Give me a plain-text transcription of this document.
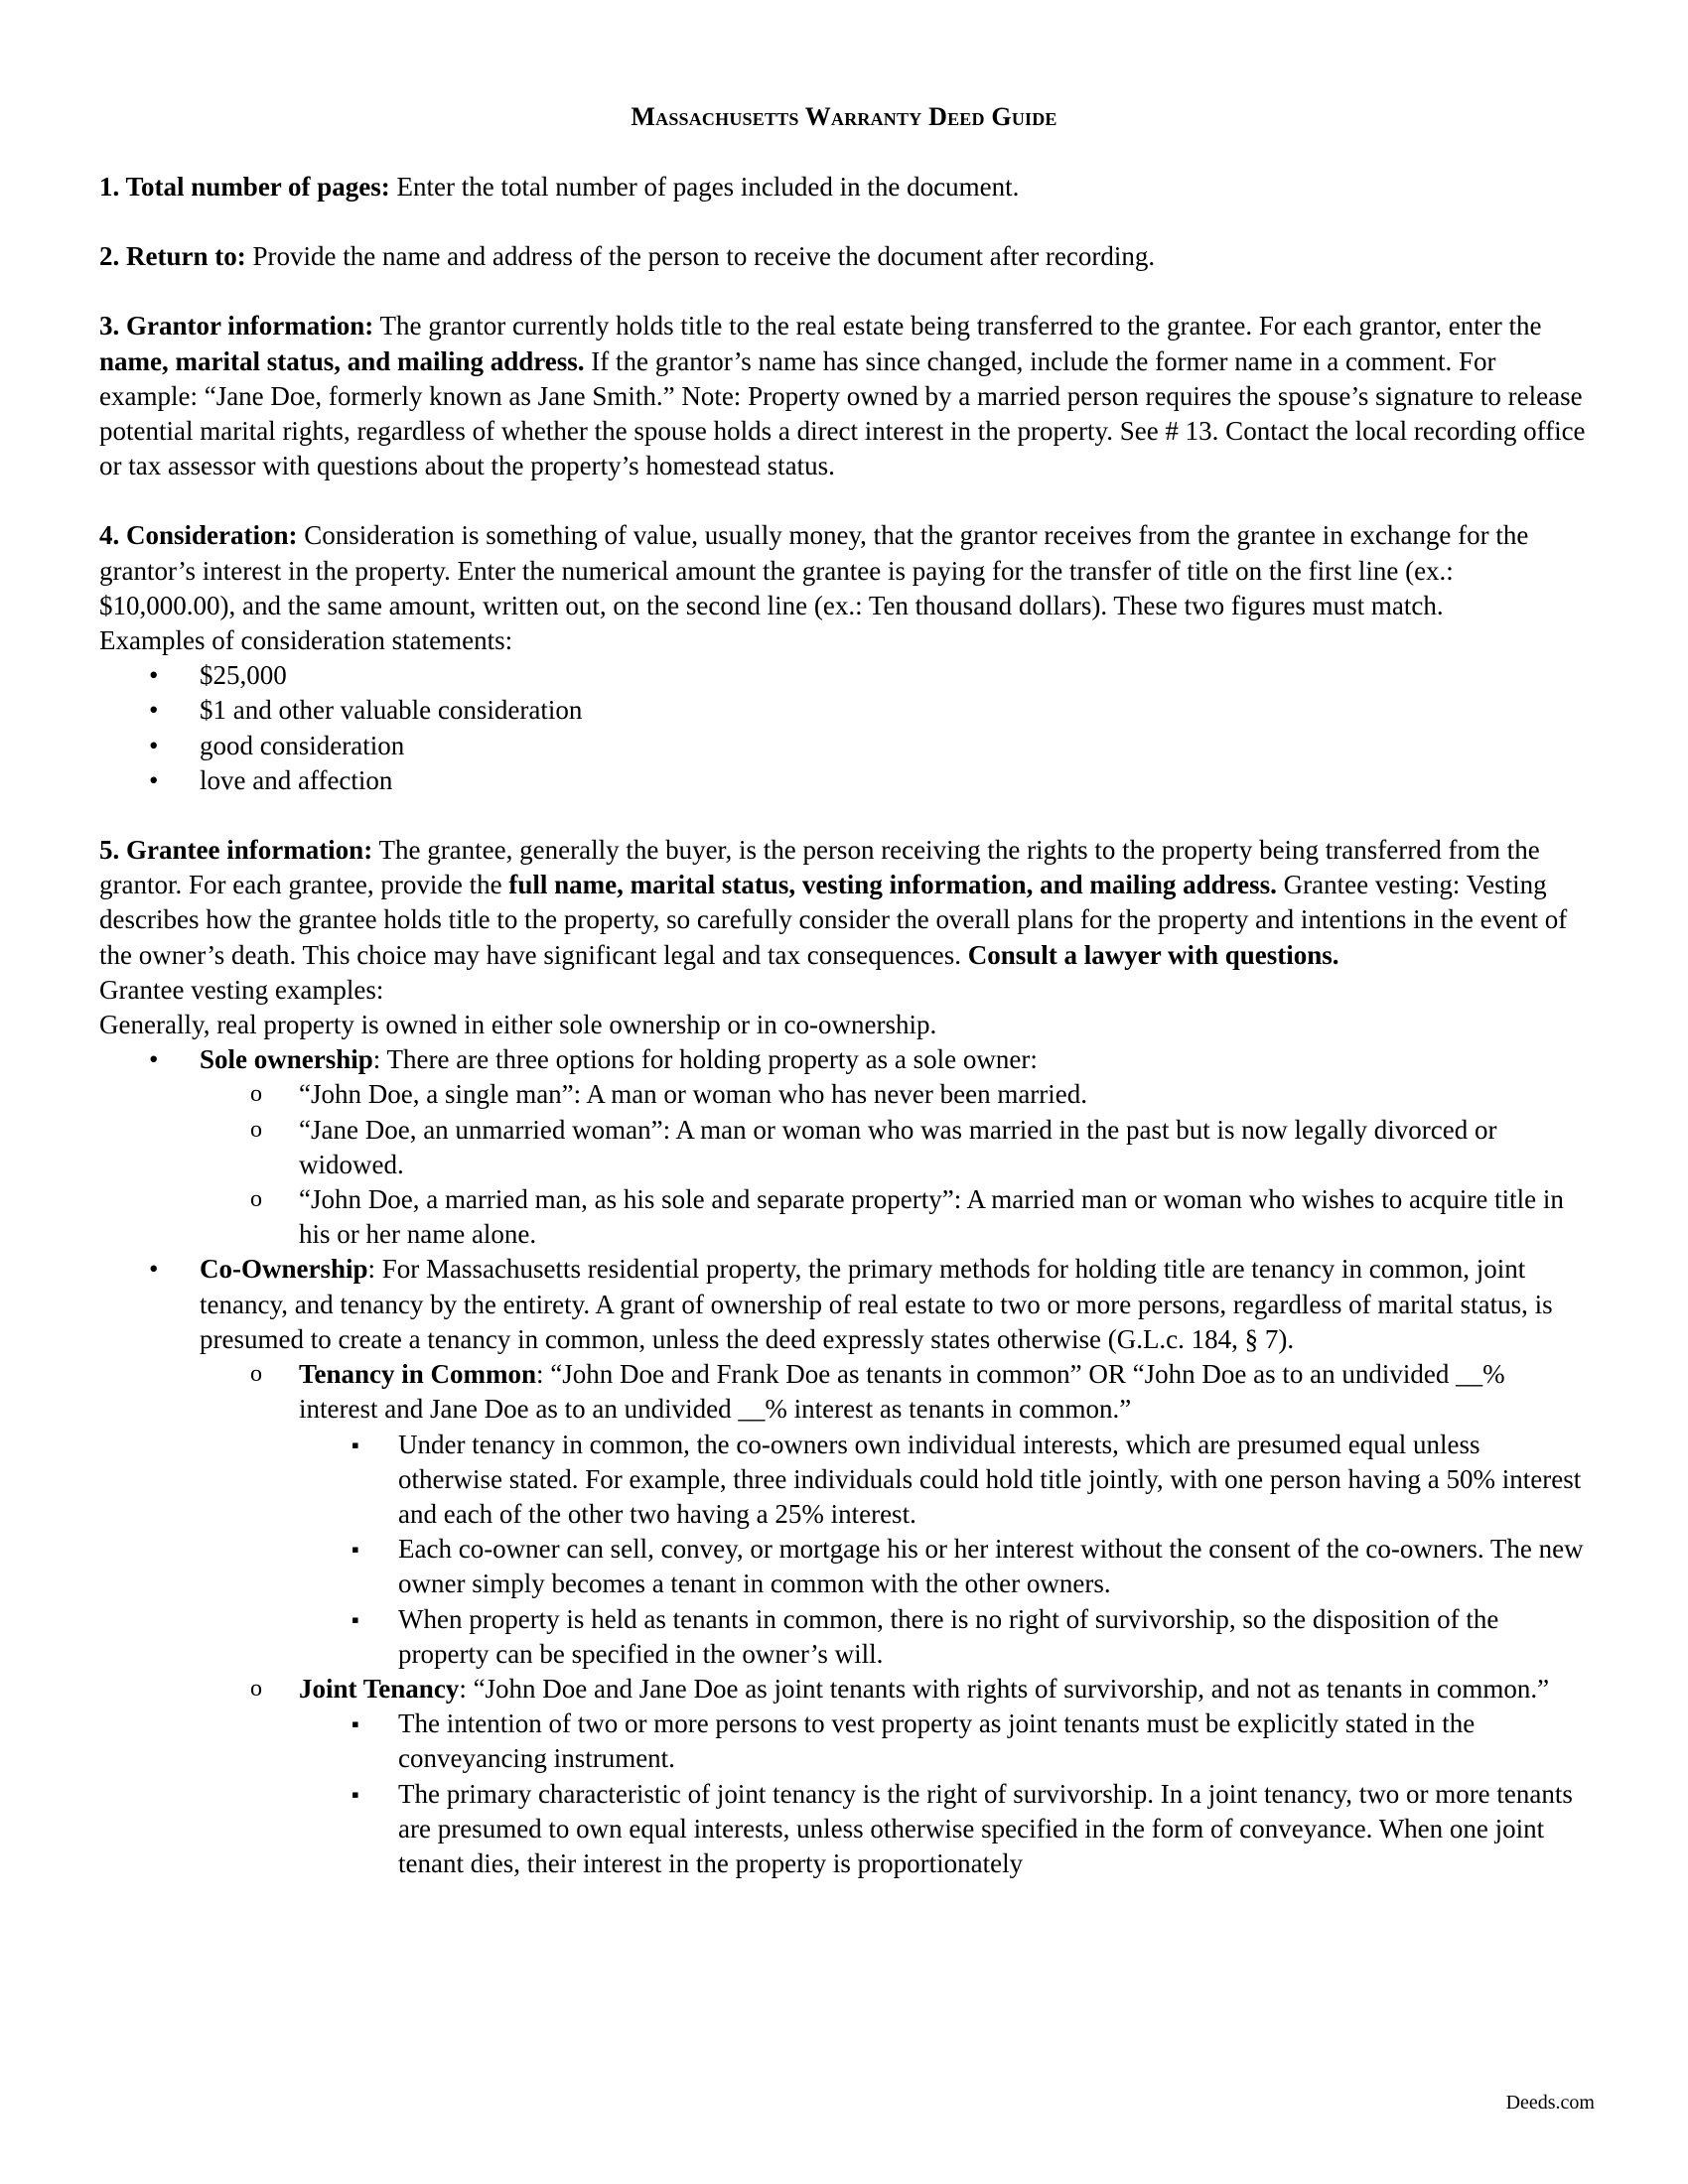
Massachusetts Warranty Deed Guide

1. Total number of pages: Enter the total number of pages included in the document.

2. Return to: Provide the name and address of the person to receive the document after recording.

3. Grantor information: The grantor currently holds title to the real estate being transferred to the grantee. For each grantor, enter the name, marital status, and mailing address. If the grantor’s name has since changed, include the former name in a comment. For example: “Jane Doe, formerly known as Jane Smith.” Note: Property owned by a married person requires the spouse’s signature to release potential marital rights, regardless of whether the spouse holds a direct interest in the property. See # 13. Contact the local recording office or tax assessor with questions about the property’s homestead status.

4. Consideration: Consideration is something of value, usually money, that the grantor receives from the grantee in exchange for the grantor’s interest in the property. Enter the numerical amount the grantee is paying for the transfer of title on the first line (ex.: $10,000.00), and the same amount, written out, on the second line (ex.: Ten thousand dollars). These two figures must match.

Examples of consideration statements:

• $25,000
• $1 and other valuable consideration
• good consideration
• love and affection

5. Grantee information: The grantee, generally the buyer, is the person receiving the rights to the property being transferred from the grantor. For each grantee, provide the full name, marital status, vesting information, and mailing address. Grantee vesting: Vesting describes how the grantee holds title to the property, so carefully consider the overall plans for the property and intentions in the event of the owner’s death. This choice may have significant legal and tax consequences. Consult a lawyer with questions.

Grantee vesting examples:

Generally, real property is owned in either sole ownership or in co-ownership.

• Sole ownership: There are three options for holding property as a sole owner:
o “John Doe, a single man”: A man or woman who has never been married.
o “Jane Doe, an unmarried woman”: A man or woman who was married in the past but is now legally divorced or widowed.
o “John Doe, a married man, as his sole and separate property”: A married man or woman who wishes to acquire title in his or her name alone.
• Co-Ownership: For Massachusetts residential property, the primary methods for holding title are tenancy in common, joint tenancy, and tenancy by the entirety. A grant of ownership of real estate to two or more persons, regardless of marital status, is presumed to create a tenancy in common, unless the deed expressly states otherwise (G.L.c. 184, § 7).
o Tenancy in Common: “John Doe and Frank Doe as tenants in common” OR “John Doe as to an undivided __% interest and Jane Doe as to an undivided __% interest as tenants in common.”
▪ Under tenancy in common, the co-owners own individual interests, which are presumed equal unless otherwise stated. For example, three individuals could hold title jointly, with one person having a 50% interest and each of the other two having a 25% interest.
▪ Each co-owner can sell, convey, or mortgage his or her interest without the consent of the co-owners. The new owner simply becomes a tenant in common with the other owners.
▪ When property is held as tenants in common, there is no right of survivorship, so the disposition of the property can be specified in the owner’s will.
o Joint Tenancy: “John Doe and Jane Doe as joint tenants with rights of survivorship, and not as tenants in common.”
▪ The intention of two or more persons to vest property as joint tenants must be explicitly stated in the conveyancing instrument.
▪ The primary characteristic of joint tenancy is the right of survivorship. In a joint tenancy, two or more tenants are presumed to own equal interests, unless otherwise specified in the form of conveyance. When one joint tenant dies, their interest in the property is proportionately
Deeds.com
